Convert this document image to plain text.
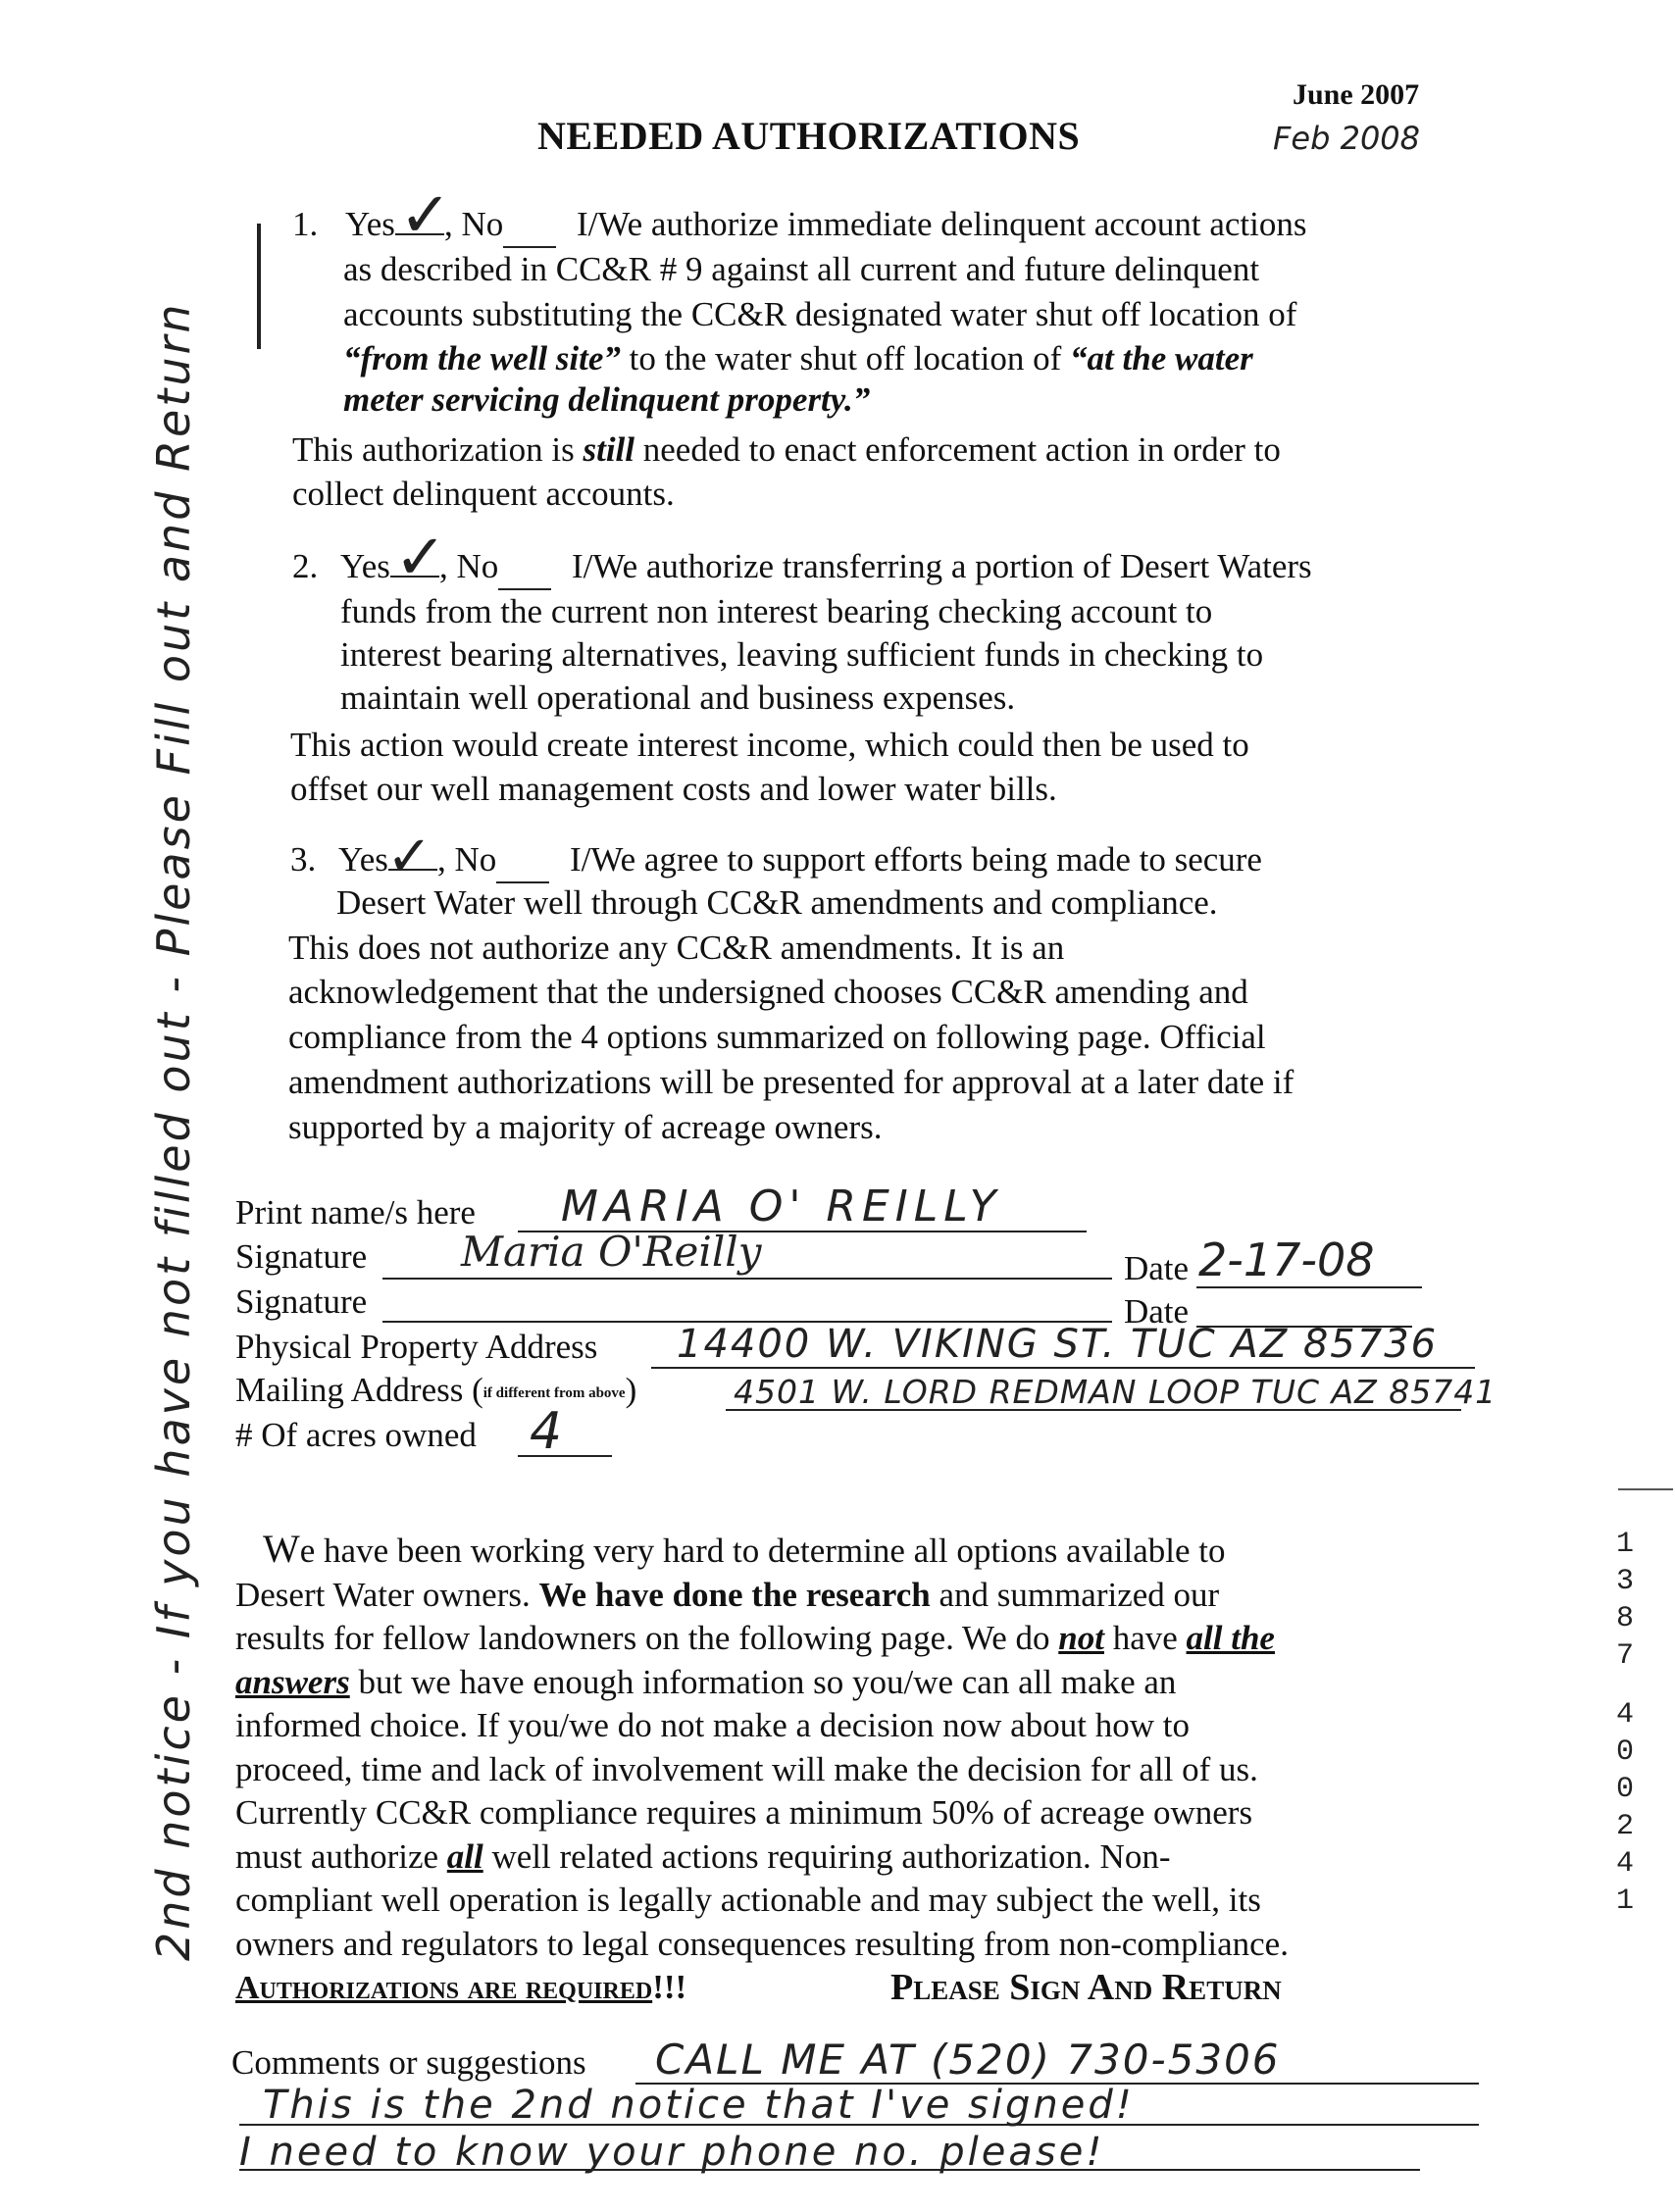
June 2007
Feb 2008
NEEDED AUTHORIZATIONS
1. Yes ✓
, No I/We authorize immediate delinquent account actions
as described in CC&R # 9 against all current and future delinquent
accounts substituting the CC&R designated water shut off location of
“from the well site” to the water shut off location of “at the water
meter servicing delinquent property.”
This authorization is still needed to enact enforcement action in order to
collect delinquent accounts.
2. Yes ✓
, No I/We authorize transferring a portion of Desert Waters
funds from the current non interest bearing checking account to
interest bearing alternatives, leaving sufficient funds in checking to
maintain well operational and business expenses.
This action would create interest income, which could then be used to
offset our well management costs and lower water bills.
3. Yes
✓ , No I/We agree to support efforts being made to secure
Desert Water well through CC&R amendments and compliance.
This does not authorize any CC&R amendments. It is an
acknowledgement that the undersigned chooses CC&R amending and
compliance from the 4 options summarized on following page. Official
amendment authorizations will be presented for approval at a later date if
supported by a majority of acreage owners.
Print name/s here MARIA O' REILLY
Signature Maria O'Reilly	Date 2-17-08
Signature	Date
Physical Property Address 14400 W. VIKING ST. TUC AZ 85736
Mailing Address (if different from above)	4501 W. LORD REDMAN LOOP TUC AZ 85741
# Of acres owned 4
We have been working very hard to determine all options available to
Desert Water owners. We have done the research and summarized our
results for fellow landowners on the following page. We do not have all the
answers but we have enough information so you/we can all make an
informed choice. If you/we do not make a decision now about how to
proceed, time and lack of involvement will make the decision for all of us.
Currently CC&R compliance requires a minimum 50% of acreage owners
must authorize all well related actions requiring authorization. Non-
compliant well operation is legally actionable and may subject the well, its
owners and regulators to legal consequences resulting from non-compliance.
Authorizations are required!!!	Please Sign And Return
Comments or suggestions CALL ME AT (520) 730-5306
This is the 2nd notice that I've signed!
I need to know your phone no. please!
2nd notice - If you have not filled out - Please Fill out and Return	1
3
8
7
4
0
0
2
4
1
